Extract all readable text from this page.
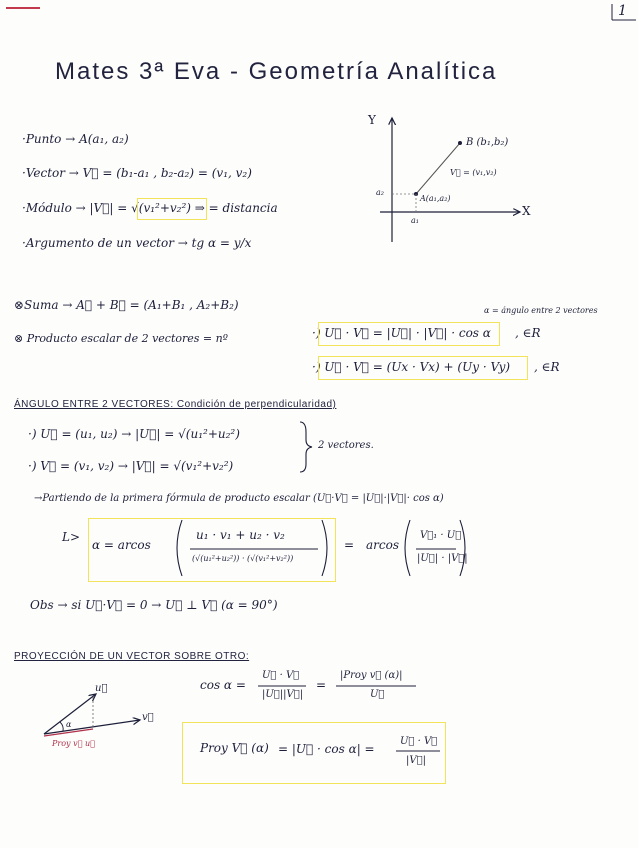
1
Mates 3ª Eva - Geometría Analítica
·Punto → A(a₁, a₂)
·Vector → V⃗ = (b₁-a₁ , b₂-a₂) = (v₁, v₂)
·Módulo → |V⃗| = √(v₁²+v₂²) ⇒ = distancia
·Argumento de un vector → tg α = y/x
Y
X
B (b₁,b₂)
V⃗ = (v₁,v₂)
A(a₁,a₂)
a₂
a₁
⊗Suma → A⃗ + B⃗ = (A₁+B₁ , A₂+B₂)	α = ángulo entre 2 vectores
⊗ Producto escalar de 2 vectores = nº	·) U⃗ · V⃗ = |U⃗| · |V⃗| · cos α , ∈R
·) U⃗ · V⃗ = (Ux · Vx) + (Uy · Vy) , ∈R
ÁNGULO ENTRE 2 VECTORES: Condición de perpendicularidad)
·) U⃗ = (u₁, u₂) → |U⃗| = √(u₁²+u₂²)
·) V⃗ = (v₁, v₂) → |V⃗| = √(v₁²+v₂²)
2 vectores.
→Partiendo de la primera fórmula de producto escalar (U⃗·V⃗ = |U⃗|·|V⃗|· cos α)
L>
α = arcos
u₁ · v₁ + u₂ · v₂
(√(u₁²+u₂²)) · (√(v₁²+v₂²))
= arcos
V⃗₁ · U⃗
|U⃗| · |V⃗|
Obs → si U⃗·V⃗ = 0 → U⃗ ⊥ V⃗ (α = 90°)
PROYECCIÓN DE UN VECTOR SOBRE OTRO:
u⃗
v⃗
α
Proy v⃗ u⃗
cos α =
U⃗ · V⃗
|U⃗||V⃗|
=
|Proy v⃗ (α)|
U⃗
Proy V⃗ (α) = |U⃗ · cos α| =
U⃗ · V⃗
|V⃗|
